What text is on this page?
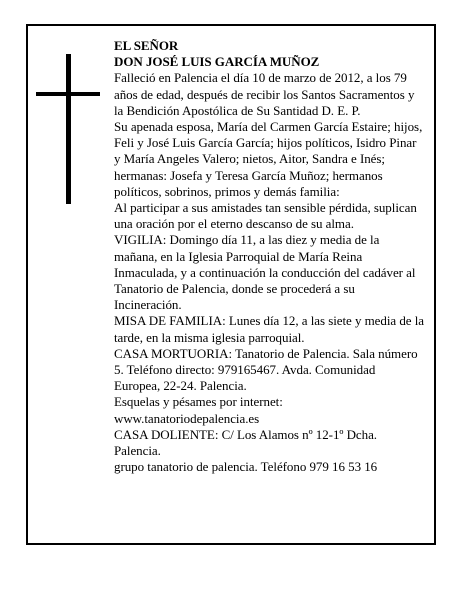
EL SEÑOR

DON JOSÉ LUIS GARCÍA MUÑOZ

Falleció en Palencia el día 10 de marzo de 2012, a los 79 años de edad, después de recibir los Santos Sacramentos y la Bendición Apostólica de Su Santidad D. E. P.

Su apenada esposa, María del Carmen García Estaire; hijos, Feli y José Luis García García; hijos políticos, Isidro Pinar y María Angeles Valero; nietos, Aitor, Sandra e Inés; hermanas: Josefa y Teresa García Muñoz; hermanos políticos, sobrinos, primos y demás familia:

Al participar a sus amistades tan sensible pérdida, suplican una oración por el eterno descanso de su alma.

VIGILIA: Domingo día 11, a las diez y media de la mañana, en la Iglesia Parroquial de María Reina Inmaculada, y a continuación la conducción del cadáver al Tanatorio de Palencia, donde se procederá a su Incineración.

MISA DE FAMILIA: Lunes día 12, a las siete y media de la tarde, en la misma iglesia parroquial.

CASA MORTUORIA: Tanatorio de Palencia. Sala número 5. Teléfono directo: 979165467. Avda. Comunidad Europea, 22-24. Palencia.

Esquelas y pésames por internet:

www.tanatoriodepalencia.es

CASA DOLIENTE: C/ Los Alamos nº 12-1º Dcha. Palencia.

grupo tanatorio de palencia. Teléfono 979 16 53 16
